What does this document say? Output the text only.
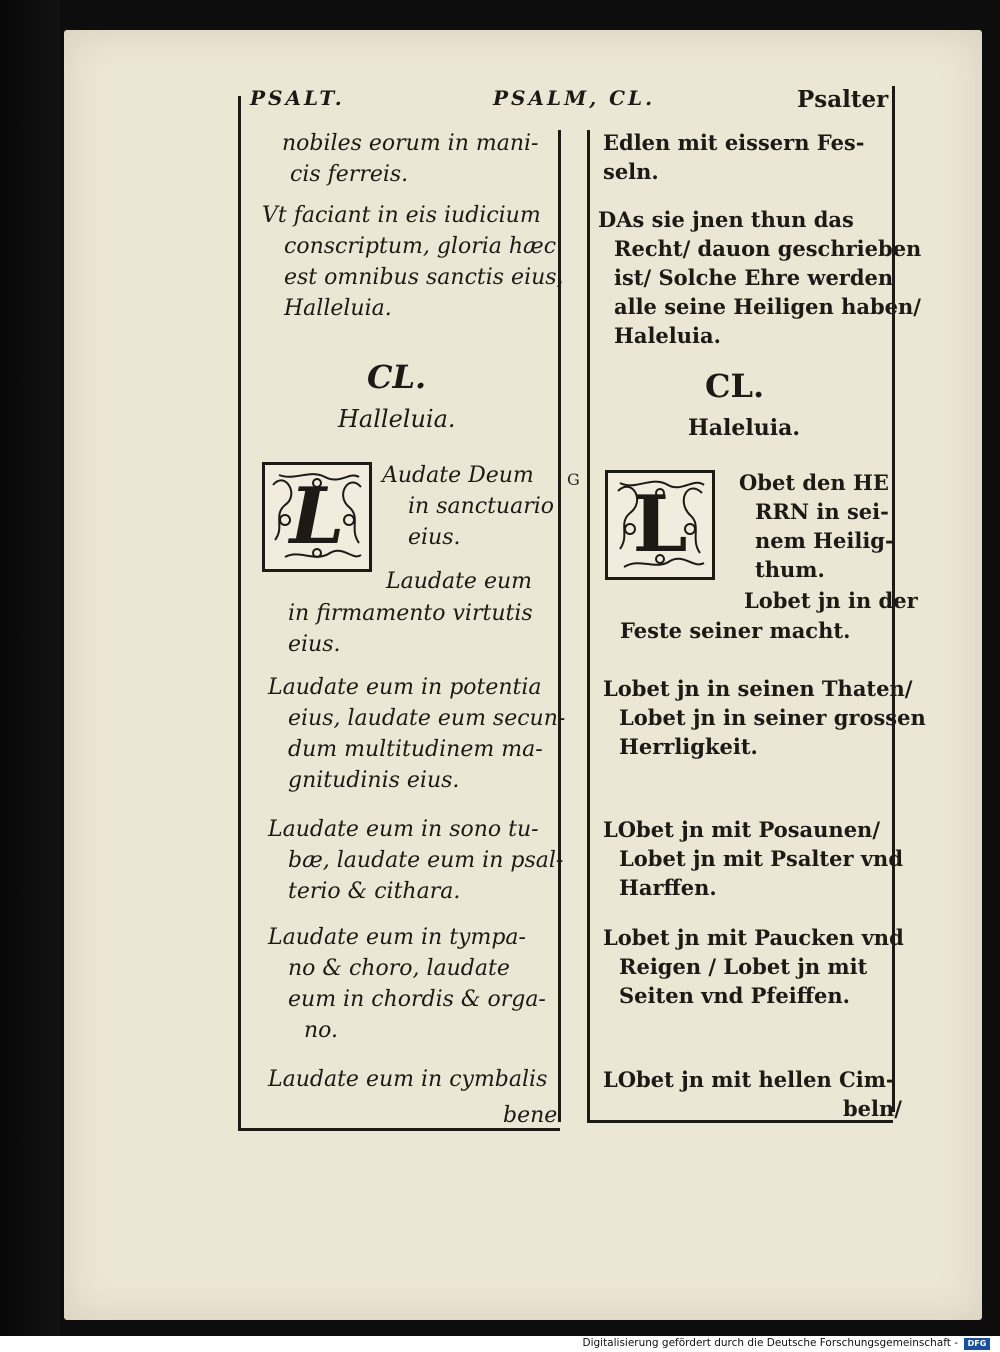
PSALT.	PSALM, CL.	Psalter
nobiles eorum in mani-
cis ferreis.
Vt faciant in eis iudicium
conscriptum, gloria hæc
est omnibus sanctis eius,
Halleluia.
CL.
Halleluia.
L Audate Deum
in sanctuario
eius.
Laudate eum
in firmamento virtutis
eius.
Laudate eum in potentia
eius, laudate eum secun-
dum multitudinem ma-
gnitudinis eius.
Laudate eum in sono tu-
bæ, laudate eum in psal-
terio & cithara.
Laudate eum in tympa-
no & choro, laudate
eum in chordis & orga-
no.
Laudate eum in cymbalis
bene
G
Edlen mit eissern Fes-
seln.
DAs sie jnen thun das
Recht/ dauon geschrieben
ist/ Solche Ehre werden
alle seine Heiligen haben/
Haleluia.
CL.
Haleluia.
L Obet den HE
RRN in sei-
nem Heilig-
thum.
Lobet jn in der
Feste seiner macht.
Lobet jn in seinen Thaten/
Lobet jn in seiner grossen
Herrligkeit.
LObet jn mit Posaunen/
Lobet jn mit Psalter vnd
Harffen.
Lobet jn mit Paucken vnd
Reigen / Lobet jn mit
Seiten vnd Pfeiffen.
LObet jn mit hellen Cim-
beln/
Digitalisierung gefördert durch die Deutsche Forschungsgemeinschaft -	DFG
